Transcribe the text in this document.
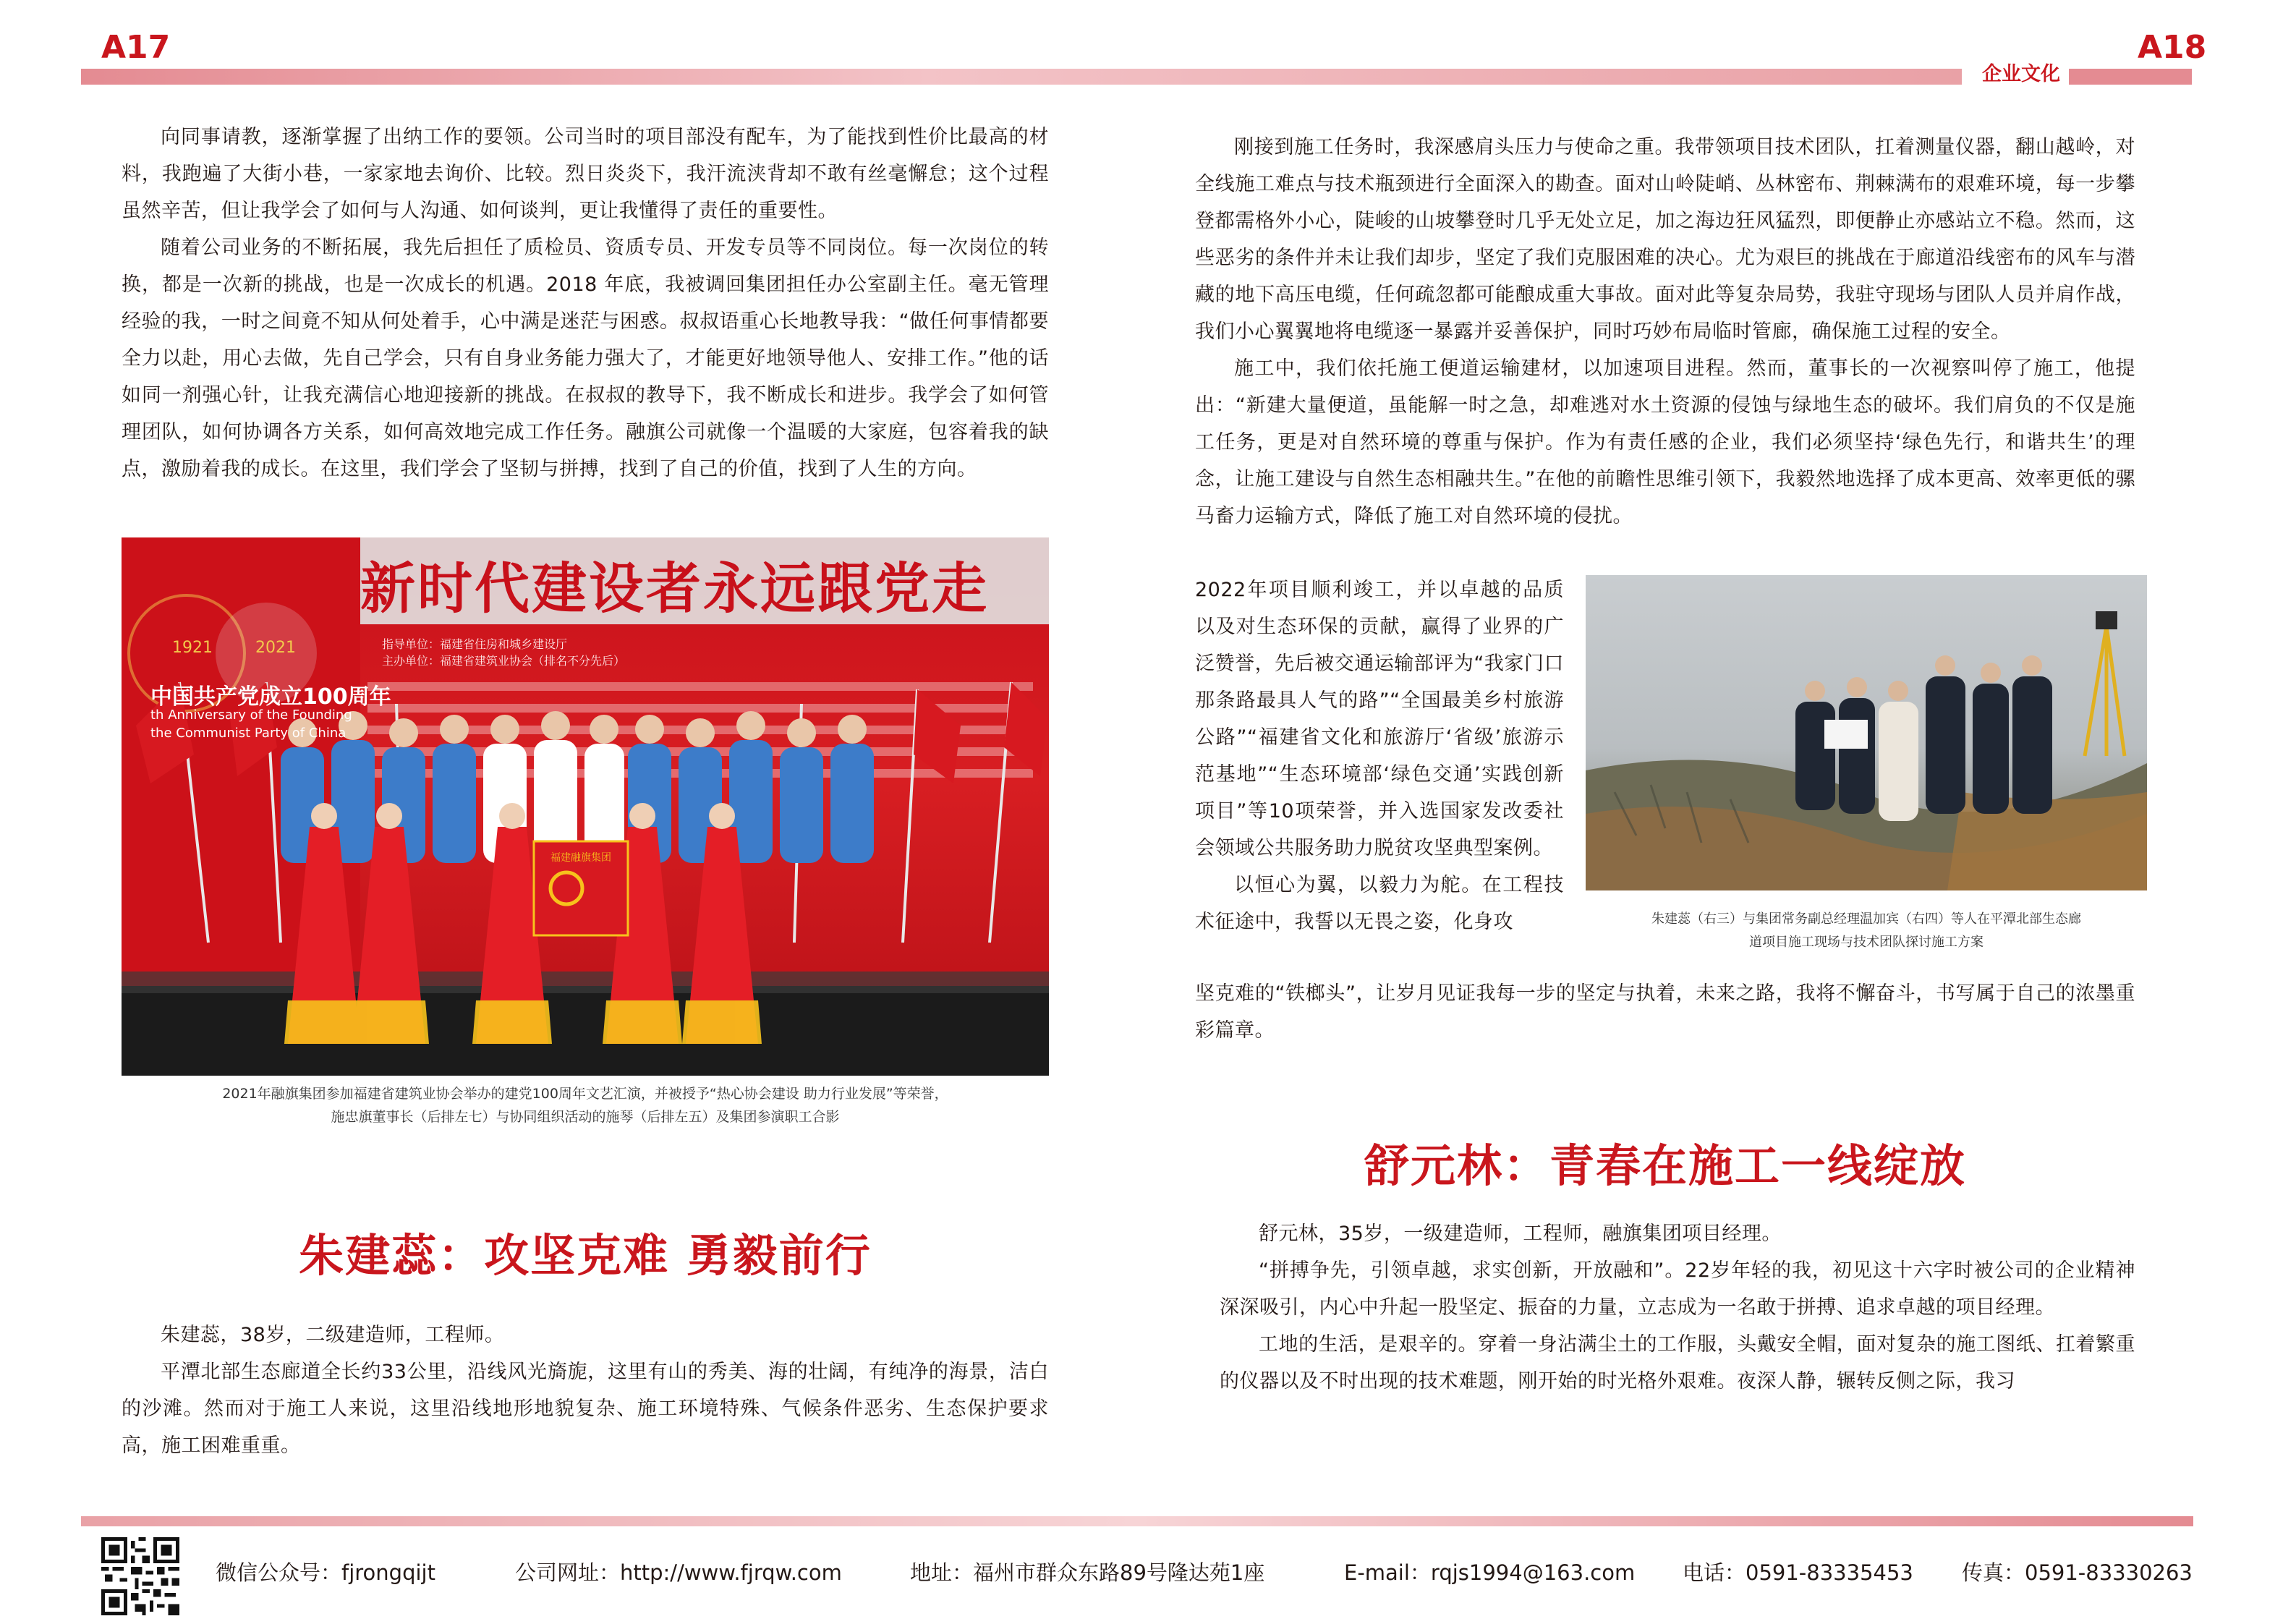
A17	A18
企业文化

向同事请教，逐渐掌握了出纳工作的要领。公司当时的项目部没有配车，为了能找到性价比最高的材料，我跑遍了大街小巷，一家家地去询价、比较。烈日炎炎下，我汗流浃背却不敢有丝毫懈怠；这个过程虽然辛苦，但让我学会了如何与人沟通、如何谈判，更让我懂得了责任的重要性。

随着公司业务的不断拓展，我先后担任了质检员、资质专员、开发专员等不同岗位。每一次岗位的转换，都是一次新的挑战，也是一次成长的机遇。2018 年底，我被调回集团担任办公室副主任。毫无管理经验的我，一时之间竟不知从何处着手，心中满是迷茫与困惑。叔叔语重心长地教导我：“做任何事情都要全力以赴，用心去做，先自己学会，只有自身业务能力强大了，才能更好地领导他人、安排工作。”他的话如同一剂强心针，让我充满信心地迎接新的挑战。在叔叔的教导下，我不断成长和进步。我学会了如何管理团队，如何协调各方关系，如何高效地完成工作任务。融旗公司就像一个温暖的大家庭，包容着我的缺点，激励着我的成长。在这里，我们学会了坚韧与拼搏，找到了自己的价值，找到了人生的方向。

新时代建设者永远跟党走
1921	2021
中国共产党成立100周年
th Anniversary of the Founding
the Communist Party of China
指导单位：福建省住房和城乡建设厅
主办单位：福建省建筑业协会（排名不分先后）
福建融旗集团
2021年融旗集团参加福建省建筑业协会举办的建党100周年文艺汇演，并被授予“热心协会建设 助力行业发展”等荣誉，
施忠旗董事长（后排左七）与协同组织活动的施琴（后排左五）及集团参演职工合影
朱建蕊：攻坚克难 勇毅前行

朱建蕊，38岁，二级建造师，工程师。

平潭北部生态廊道全长约33公里，沿线风光旖旎，这里有山的秀美、海的壮阔，有纯净的海景，洁白的沙滩。然而对于施工人来说，这里沿线地形地貌复杂、施工环境特殊、气候条件恶劣、生态保护要求高，施工困难重重。

刚接到施工任务时，我深感肩头压力与使命之重。我带领项目技术团队，扛着测量仪器，翻山越岭，对全线施工难点与技术瓶颈进行全面深入的勘查。面对山岭陡峭、丛林密布、荆棘满布的艰难环境，每一步攀登都需格外小心，陡峻的山坡攀登时几乎无处立足，加之海边狂风猛烈，即便静止亦感站立不稳。然而，这些恶劣的条件并未让我们却步，坚定了我们克服困难的决心。尤为艰巨的挑战在于廊道沿线密布的风车与潜藏的地下高压电缆，任何疏忽都可能酿成重大事故。面对此等复杂局势，我驻守现场与团队人员并肩作战，我们小心翼翼地将电缆逐一暴露并妥善保护，同时巧妙布局临时管廊，确保施工过程的安全。

施工中，我们依托施工便道运输建材，以加速项目进程。然而，董事长的一次视察叫停了施工，他提出：“新建大量便道，虽能解一时之急，却难逃对水土资源的侵蚀与绿地生态的破坏。我们肩负的不仅是施工任务，更是对自然环境的尊重与保护。作为有责任感的企业，我们必须坚持‘绿色先行，和谐共生’的理念，让施工建设与自然生态相融共生。”在他的前瞻性思维引领下，我毅然地选择了成本更高、效率更低的骡马畜力运输方式，降低了施工对自然环境的侵扰。

2022年项目顺利竣工，并以卓越的品质以及对生态环保的贡献，赢得了业界的广泛赞誉，先后被交通运输部评为“我家门口那条路最具人气的路”“全国最美乡村旅游公路”“福建省文化和旅游厅‘省级’旅游示范基地”“生态环境部‘绿色交通’实践创新项目”等10项荣誉，并入选国家发改委社会领域公共服务助力脱贫攻坚典型案例。

以恒心为翼，以毅力为舵。在工程技术征途中，我誓以无畏之姿，化身攻	朱建蕊（右三）与集团常务副总经理温加宾（右四）等人在平潭北部生态廊
道项目施工现场与技术团队探讨施工方案

坚克难的“铁榔头”，让岁月见证我每一步的坚定与执着，未来之路，我将不懈奋斗，书写属于自己的浓墨重彩篇章。

舒元林：青春在施工一线绽放

舒元林，35岁，一级建造师，工程师，融旗集团项目经理。

“拼搏争先，引领卓越，求实创新，开放融和”。22岁年轻的我，初见这十六字时被公司的企业精神深深吸引，内心中升起一股坚定、振奋的力量，立志成为一名敢于拼搏、追求卓越的项目经理。

工地的生活，是艰辛的。穿着一身沾满尘土的工作服，头戴安全帽，面对复杂的施工图纸、扛着繁重的仪器以及不时出现的技术难题，刚开始的时光格外艰难。夜深人静，辗转反侧之际，我习

微信公众号：fjrongqijt	公司网址：http://www.fjrqw.com	地址：福州市群众东路89号隆达苑1座	E-mail：rqjs1994@163.com 电话：0591-83335453 传真：0591-83330263
